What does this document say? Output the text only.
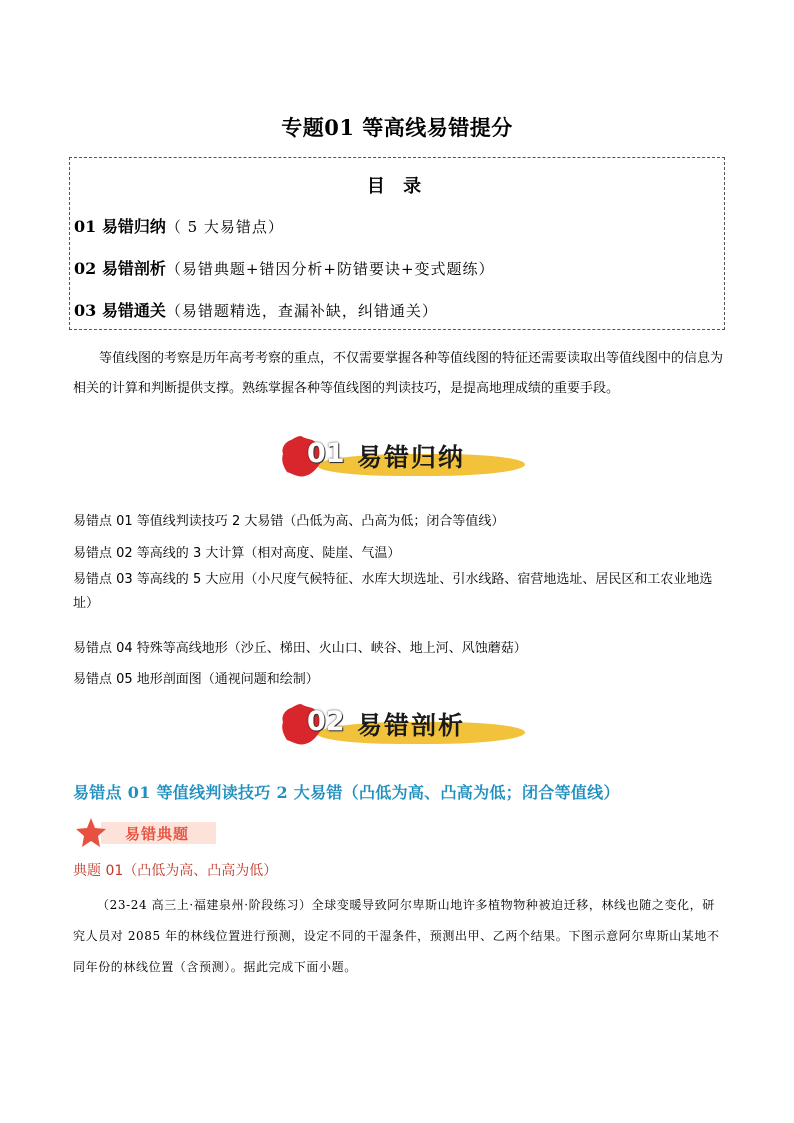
专题01 等高线易错提分
目 录
01 易错归纳（ 5 大易错点）
02 易错剖析（易错典题+错因分析+防错要诀+变式题练）
03 易错通关（易错题精选，查漏补缺，纠错通关）

等值线图的考察是历年高考考察的重点，不仅需要掌握各种等值线图的特征还需要读取出等值线图中的信息为相关的计算和判断提供支撑。熟练掌握各种等值线图的判读技巧，是提高地理成绩的重要手段。

01 易错归纳
易错点 01 等值线判读技巧 2 大易错（凸低为高、凸高为低；闭合等值线）
易错点 02 等高线的 3 大计算（相对高度、陡崖、气温）
易错点 03 等高线的 5 大应用（小尺度气候特征、水库大坝选址、引水线路、宿营地选址、居民区和工农业地选址）
易错点 04 特殊等高线地形（沙丘、梯田、火山口、峡谷、地上河、风蚀蘑菇）
易错点 05 地形剖面图（通视问题和绘制）
02 易错剖析
易错点 01 等值线判读技巧 2 大易错（凸低为高、凸高为低；闭合等值线）
易错典题
典题 01（凸低为高、凸高为低）

（23-24 高三上·福建泉州·阶段练习）全球变暖导致阿尔卑斯山地许多植物物种被迫迁移，林线也随之变化，研究人员对 2085 年的林线位置进行预测，设定不同的干湿条件，预测出甲、乙两个结果。下图示意阿尔卑斯山某地不同年份的林线位置（含预测）。据此完成下面小题。
